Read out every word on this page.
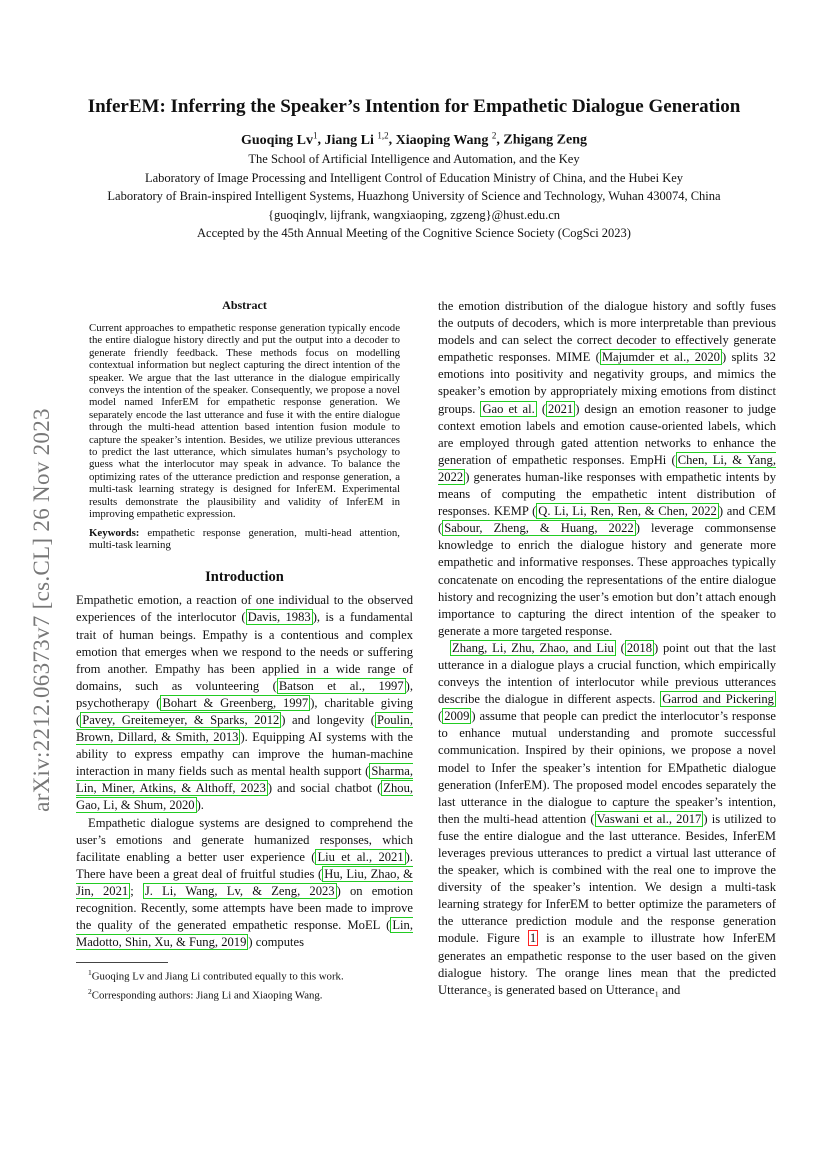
arXiv:2212.06373v7 [cs.CL] 26 Nov 2023
InferEM: Inferring the Speaker’s Intention for Empathetic Dialogue Generation
Guoqing Lv$^1$, Jiang Li $^{1,2}$, Xiaoping Wang $^2$, Zhigang Zeng
The School of Artificial Intelligence and Automation, and the Key
Laboratory of Image Processing and Intelligent Control of Education Ministry of China, and the Hubei Key
Laboratory of Brain-inspired Intelligent Systems, Huazhong University of Science and Technology, Wuhan 430074, China
{guoqinglv, lijfrank, wangxiaoping, zgzeng}@hust.edu.cn
Accepted by the 45th Annual Meeting of the Cognitive Science Society (CogSci 2023)
Abstract
Current approaches to empathetic response generation typically encode the entire dialogue history directly and put the output into a decoder to generate friendly feedback. These methods focus on modelling contextual information but neglect capturing the direct intention of the speaker. We argue that the last utterance in the dialogue empirically conveys the intention of the speaker. Consequently, we propose a novel model named InferEM for empathetic response generation. We separately encode the last utterance and fuse it with the entire dialogue through the multi-head attention based intention fusion module to capture the speaker’s intention. Besides, we utilize previous utterances to predict the last utterance, which simulates human’s psychology to guess what the interlocutor may speak in advance. To balance the optimizing rates of the utterance prediction and response generation, a multi-task learning strategy is designed for InferEM. Experimental results demonstrate the plausibility and validity of InferEM in improving empathetic expression.
Keywords: empathetic response generation, multi-head attention, multi-task learning
Introduction

Empathetic emotion, a reaction of one individual to the observed experiences of the interlocutor ( Davis, 1983 ), is a fundamental trait of human beings. Empathy is a contentious and complex emotion that emerges when we respond to the needs or suffering from another. Empathy has been applied in a wide range of domains, such as volunteering ( Batson et al., 1997 ), psychotherapy ( Bohart & Greenberg, 1997 ), charitable giving ( Pavey, Greitemeyer, & Sparks, 2012 ) and longevity ( Poulin, Brown, Dillard, & Smith, 2013 ). Equipping AI systems with the ability to express empathy can improve the human-machine interaction in many fields such as mental health support ( Sharma, Lin, Miner, Atkins, & Althoff, 2023 ) and social chatbot ( Zhou, Gao, Li, & Shum, 2020 ).

Empathetic dialogue systems are designed to comprehend the user’s emotions and generate humanized responses, which facilitate enabling a better user experience ( Liu et al., 2021 ). There have been a great deal of fruitful studies ( Hu, Liu, Zhao, & Jin, 2021 ; J. Li, Wang, Lv, & Zeng, 2023 ) on emotion recognition. Recently, some attempts have been made to improve the quality of the generated empathetic response. MoEL ( Lin, Madotto, Shin, Xu, & Fung, 2019 ) computes

$^1$Guoqing Lv and Jiang Li contributed equally to this work.
$^2$Corresponding authors: Jiang Li and Xiaoping Wang.

the emotion distribution of the dialogue history and softly fuses the outputs of decoders, which is more interpretable than previous models and can select the correct decoder to effectively generate empathetic responses. MIME ( Majumder et al., 2020 ) splits 32 emotions into positivity and negativity groups, and mimics the speaker’s emotion by appropriately mixing emotions from distinct groups. Gao et al. ( 2021 ) design an emotion reasoner to judge context emotion labels and emotion cause-oriented labels, which are employed through gated attention networks to enhance the generation of empathetic responses. EmpHi ( Chen, Li, & Yang, 2022 ) generates human-like responses with empathetic intents by means of computing the empathetic intent distribution of responses. KEMP ( Q. Li, Li, Ren, Ren, & Chen, 2022 ) and CEM ( Sabour, Zheng, & Huang, 2022 ) leverage commonsense knowledge to enrich the dialogue history and generate more empathetic and informative responses. These approaches typically concatenate on encoding the representations of the entire dialogue history and recognizing the user’s emotion but don’t attach enough importance to capturing the direct intention of the speaker to generate a more targeted response.

Zhang, Li, Zhu, Zhao, and Liu ( 2018 ) point out that the last utterance in a dialogue plays a crucial function, which empirically conveys the intention of interlocutor while previous utterances describe the dialogue in different aspects. Garrod and Pickering ( 2009 ) assume that people can predict the interlocutor’s response to enhance mutual understanding and promote successful communication. Inspired by their opinions, we propose a novel model to Infer the speaker’s intention for EMpathetic dialogue generation (InferEM). The proposed model encodes separately the last utterance in the dialogue to capture the speaker’s intention, then the multi-head attention ( Vaswani et al., 2017 ) is utilized to fuse the entire dialogue and the last utterance. Besides, InferEM leverages previous utterances to predict a virtual last utterance of the speaker, which is combined with the real one to improve the diversity of the speaker’s intention. We design a multi-task learning strategy for InferEM to better optimize the parameters of the utterance prediction module and the response generation module. Figure 1 is an example to illustrate how InferEM generates an empathetic response to the user based on the given dialogue history. The orange lines mean that the predicted Utterance₃ is generated based on Utterance₁ and
